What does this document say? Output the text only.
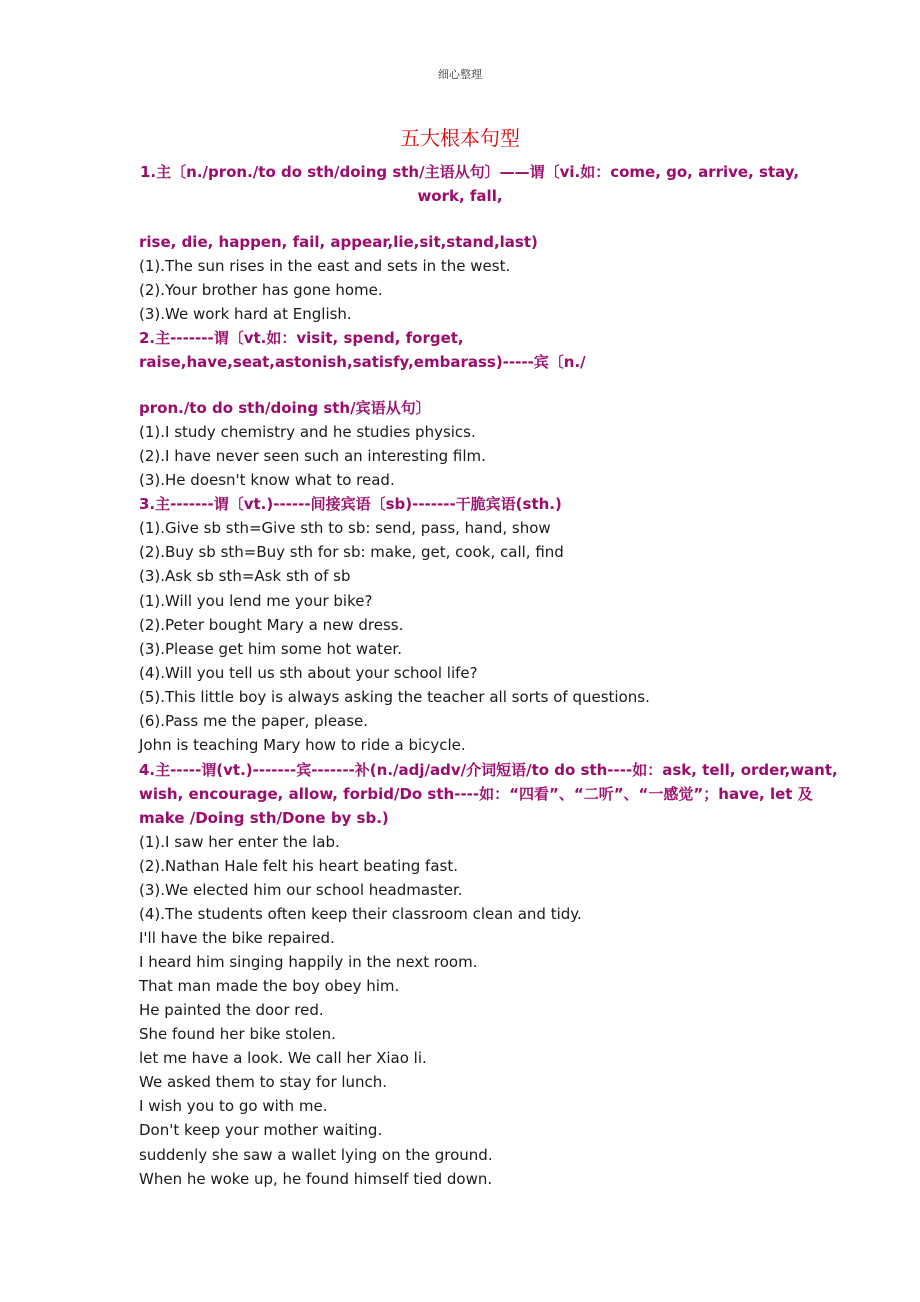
细心整理
五大根本句型
1.主〔n./pron./to do sth/doing sth/主语从句〕——谓〔vi.如：come, go, arrive, stay,
work, fall,
rise, die, happen, fail, appear,lie,sit,stand,last)
(1).The sun rises in the east and sets in the west.
(2).Your brother has gone home.
(3).We work hard at English.
2.主-------谓〔vt.如：visit, spend, forget,
raise,have,seat,astonish,satisfy,embarass)-----宾〔n./
pron./to do sth/doing sth/宾语从句〕
(1).I study chemistry and he studies physics.
(2).I have never seen such an interesting film.
(3).He doesn't know what to read.
3.主-------谓〔vt.)------间接宾语〔sb)-------干脆宾语(sth.)
(1).Give sb sth=Give sth to sb: send, pass, hand, show
(2).Buy sb sth=Buy sth for sb: make, get, cook, call, find
(3).Ask sb sth=Ask sth of sb
(1).Will you lend me your bike?
(2).Peter bought Mary a new dress.
(3).Please get him some hot water.
(4).Will you tell us sth about your school life?
(5).This little boy is always asking the teacher all sorts of questions.
(6).Pass me the paper, please.
John is teaching Mary how to ride a bicycle.
4.主-----谓(vt.)-------宾-------补(n./adj/adv/介词短语/to do sth----如：ask, tell, order,want,
wish, encourage, allow, forbid/Do sth----如：“四看”、“二听”、“一感觉”；have, let 及
make /Doing sth/Done by sb.)
(1).I saw her enter the lab.
(2).Nathan Hale felt his heart beating fast.
(3).We elected him our school headmaster.
(4).The students often keep their classroom clean and tidy.
I'll have the bike repaired.
I heard him singing happily in the next room.
That man made the boy obey him.
He painted the door red.
She found her bike stolen.
let me have a look. We call her Xiao li.
We asked them to stay for lunch.
I wish you to go with me.
Don't keep your mother waiting.
suddenly she saw a wallet lying on the ground.
When he woke up, he found himself tied down.
